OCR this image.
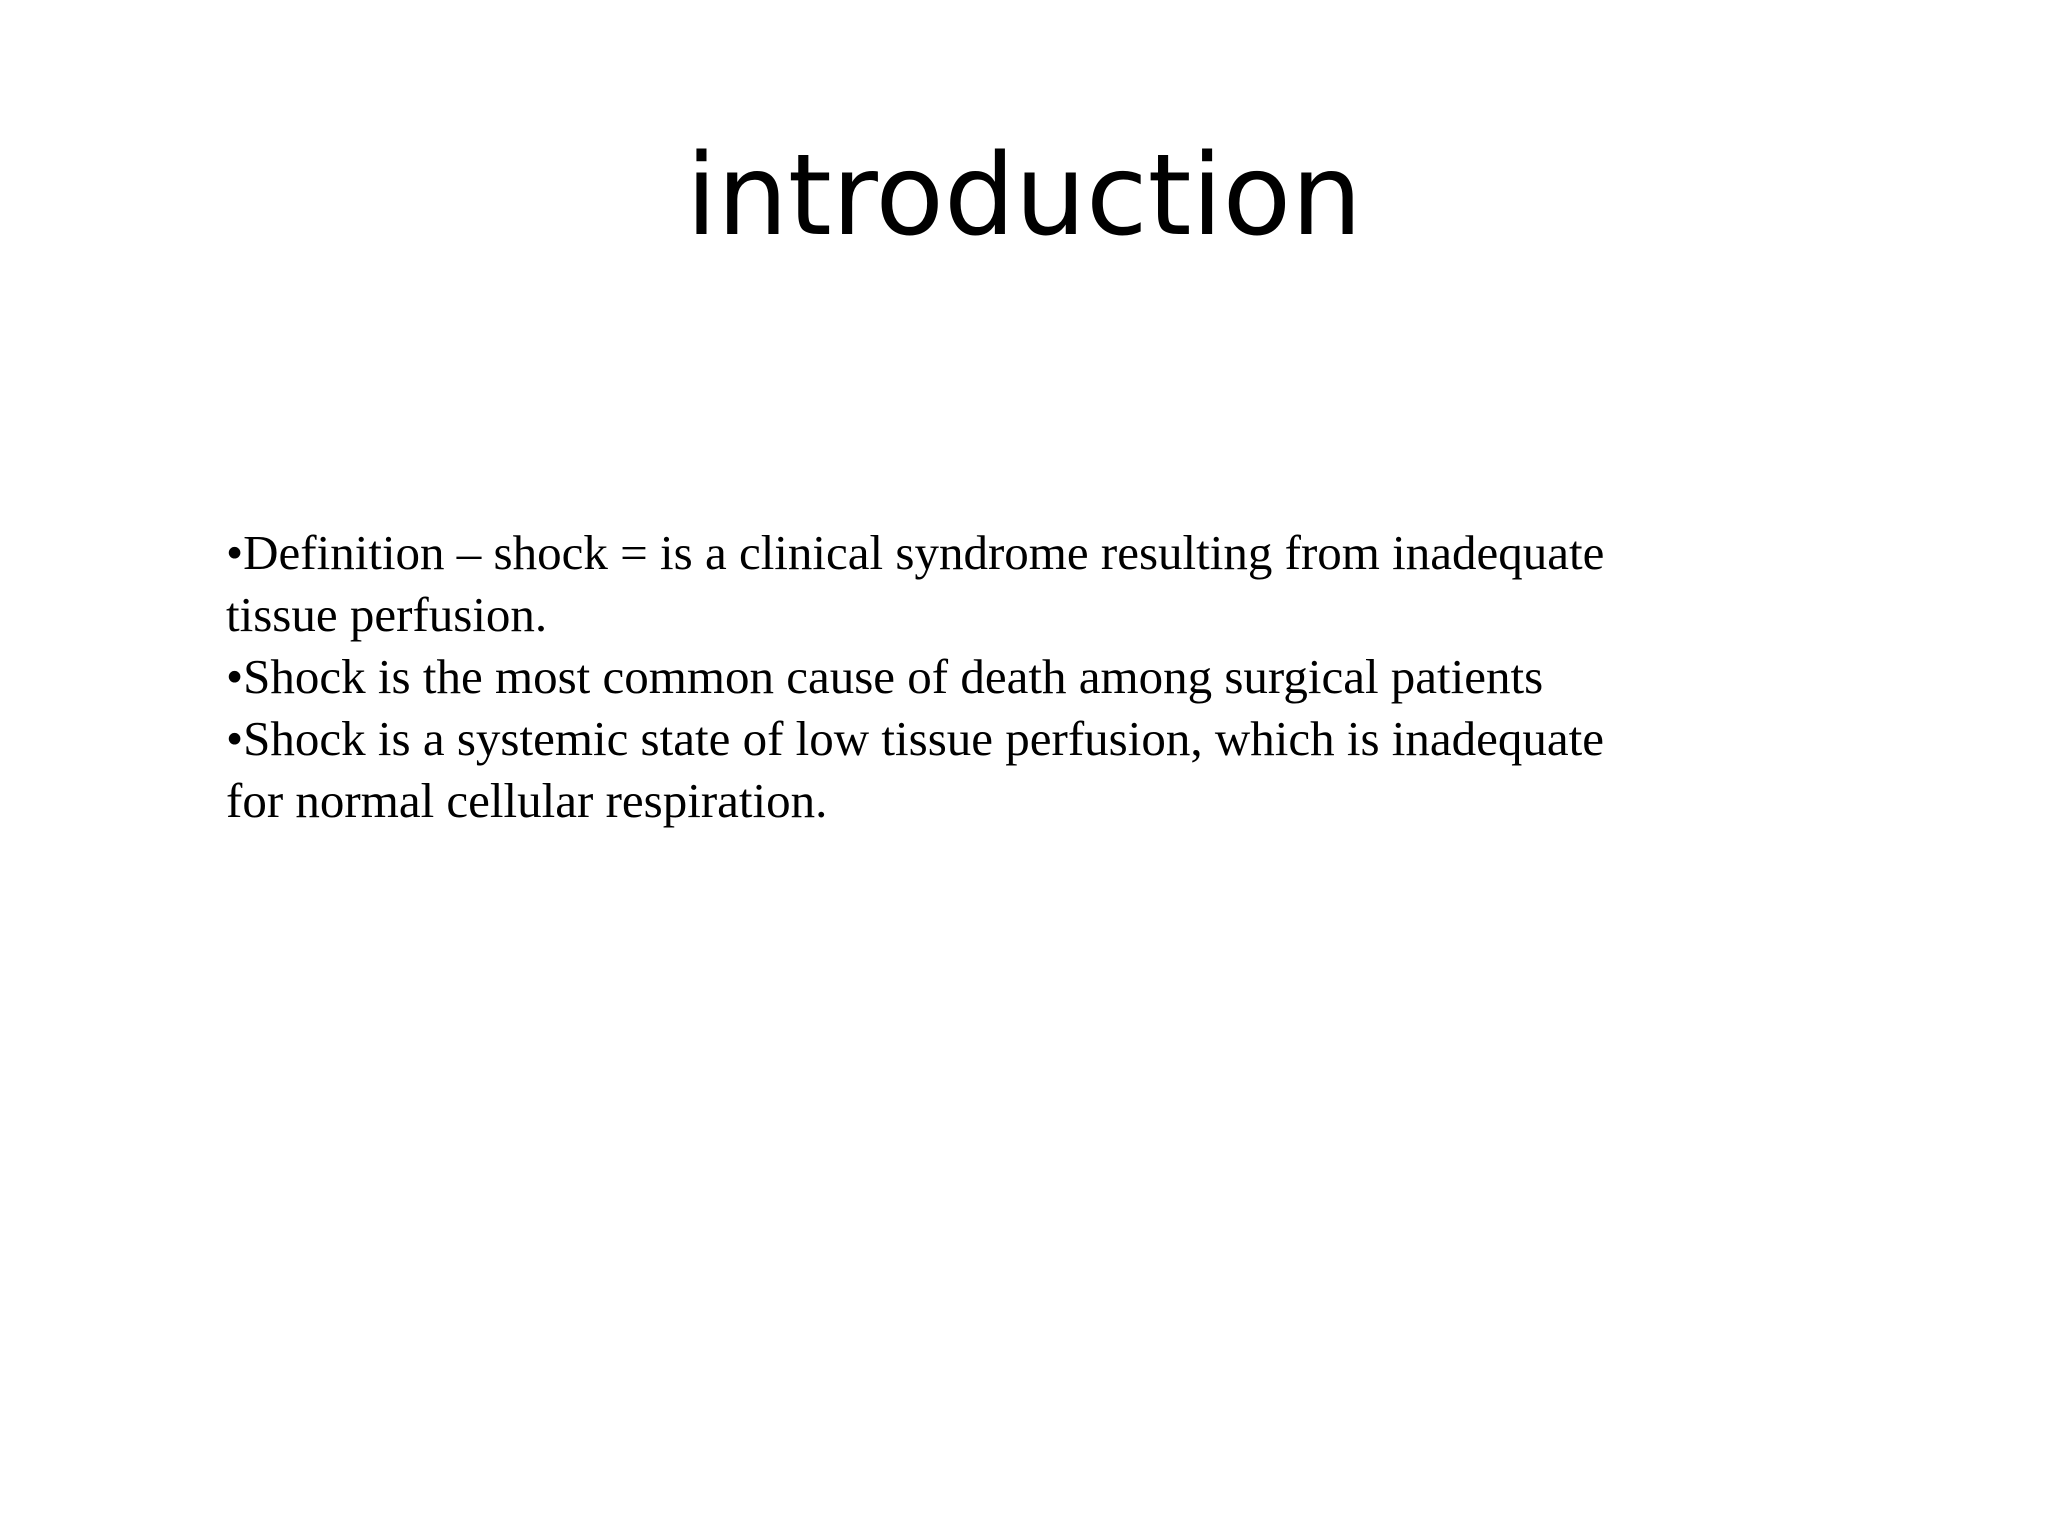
introduction

•Definition – shock = is a clinical syndrome resulting from inadequate

tissue perfusion.

•Shock is the most common cause of death among surgical patients

•Shock is a systemic state of low tissue perfusion, which is inadequate

for normal cellular respiration.
